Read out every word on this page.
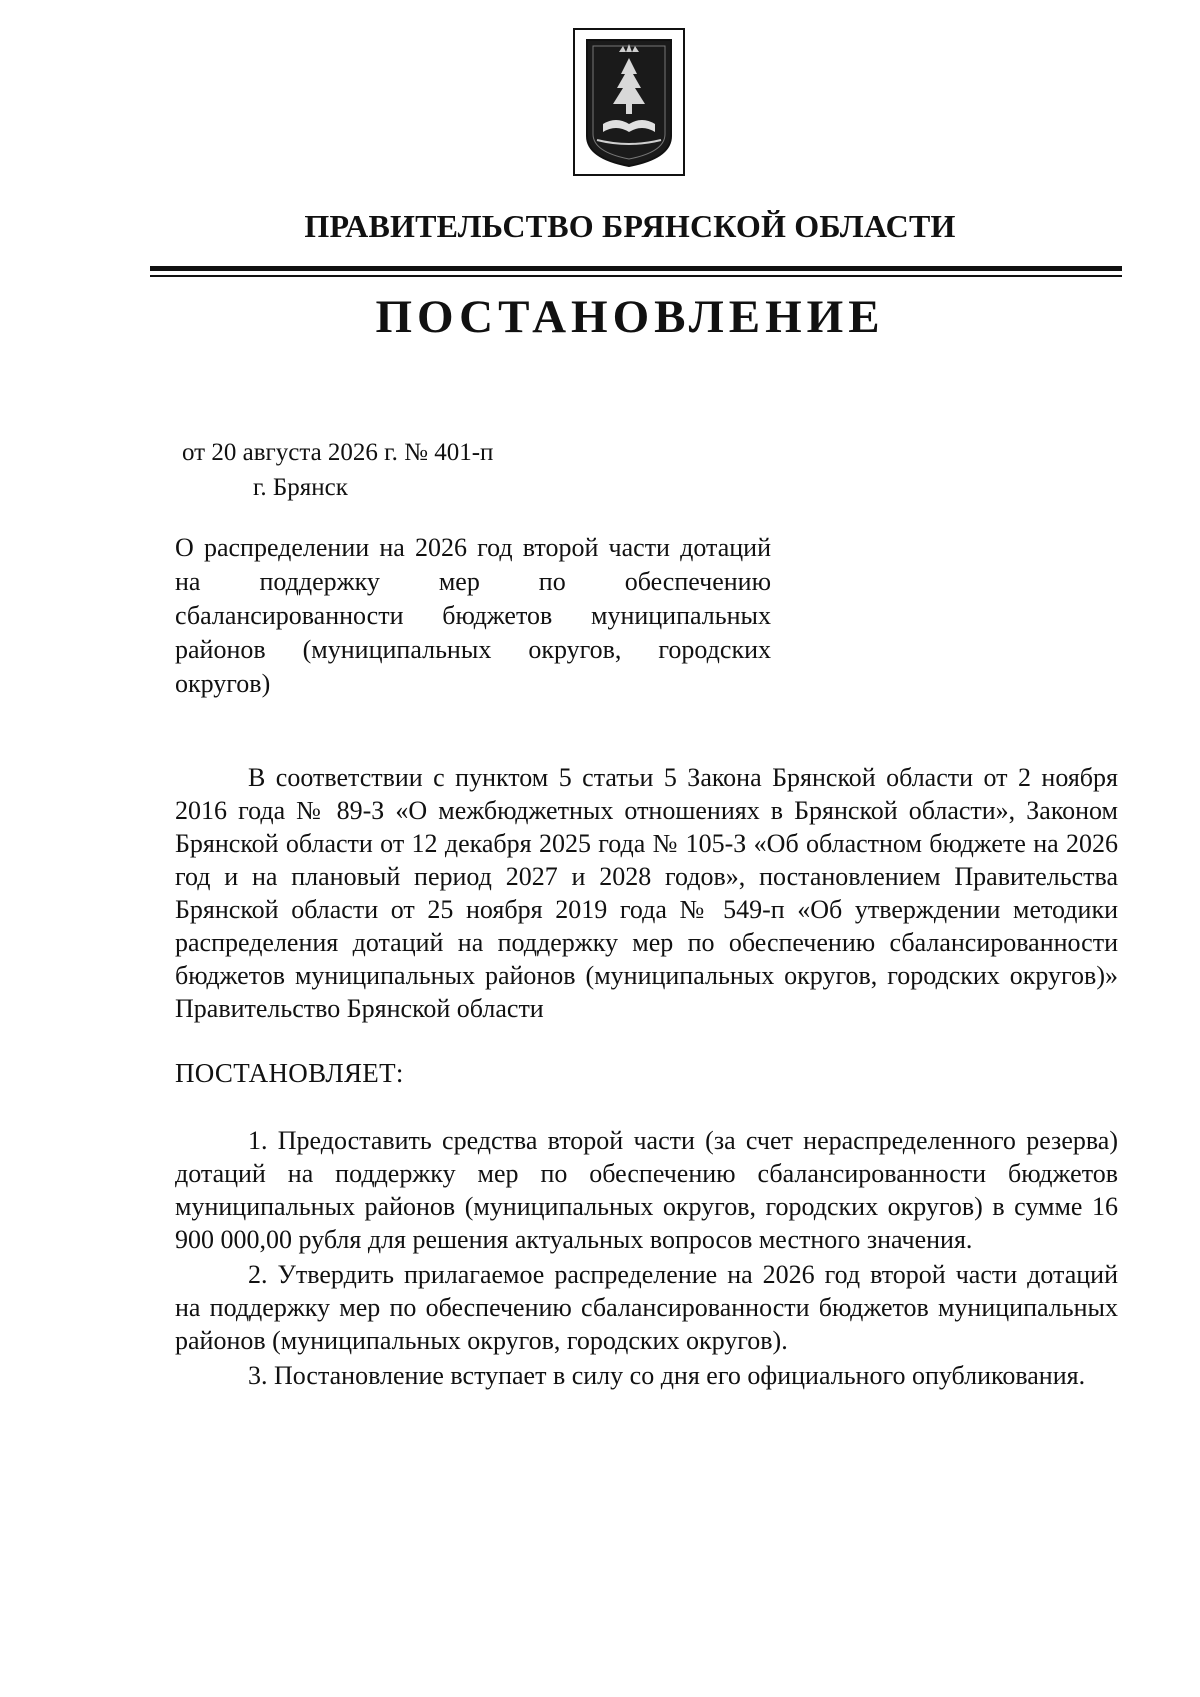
ПРАВИТЕЛЬСТВО БРЯНСКОЙ ОБЛАСТИ
ПОСТАНОВЛЕНИЕ
от 20 августа 2026 г. № 401-п
г. Брянск
О распределении на 2026 год второй части дотаций на поддержку мер по обеспечению сбалансированности бюджетов муниципальных районов (муниципальных округов, городских округов)
В соответствии с пунктом 5 статьи 5 Закона Брянской области от 2 ноября 2016 года № 89-З «О межбюджетных отношениях в Брянской области», Законом Брянской области от 12 декабря 2025 года № 105-З «Об областном бюджете на 2026 год и на плановый период 2027 и 2028 годов», постановлением Правительства Брянской области от 25 ноября 2019 года № 549-п «Об утверждении методики распределения дотаций на поддержку мер по обеспечению сбалансированности бюджетов муниципальных районов (муниципальных округов, городских округов)» Правительство Брянской области
ПОСТАНОВЛЯЕТ:

1. Предоставить средства второй части (за счет нераспределенного резерва) дотаций на поддержку мер по обеспечению сбалансированности бюджетов муниципальных районов (муниципальных округов, городских округов) в сумме 16 900 000,00 рубля для решения актуальных вопросов местного значения.

2. Утвердить прилагаемое распределение на 2026 год второй части дотаций на поддержку мер по обеспечению сбалансированности бюджетов муниципальных районов (муниципальных округов, городских округов).

3. Постановление вступает в силу со дня его официального опубликования.
